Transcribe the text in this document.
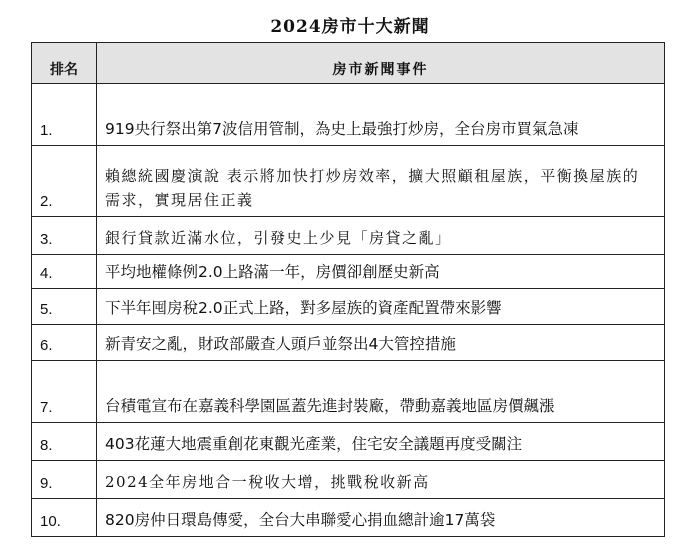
2024房市十大新聞
排名	房市新聞事件
1.	919央行祭出第7波信用管制，為史上最強打炒房，全台房市買氣急凍
2.	賴總統國慶演說 表示將加快打炒房效率，擴大照顧租屋族，平衡換屋族的需求，實現居住正義
3.	銀行貸款近滿水位，引發史上少見「房貸之亂」
4.	平均地權條例2.0上路滿一年，房價卻創歷史新高
5.	下半年囤房稅2.0正式上路，對多屋族的資產配置帶來影響
6.	新青安之亂，財政部嚴查人頭戶並祭出4大管控措施
7.	台積電宣布在嘉義科學園區蓋先進封裝廠，帶動嘉義地區房價飆漲
8.	403花蓮大地震重創花東觀光產業，住宅安全議題再度受關注
9.	2024全年房地合一稅收大增，挑戰稅收新高
10.	820房仲日環島傳愛，全台大串聯愛心捐血總計逾17萬袋
